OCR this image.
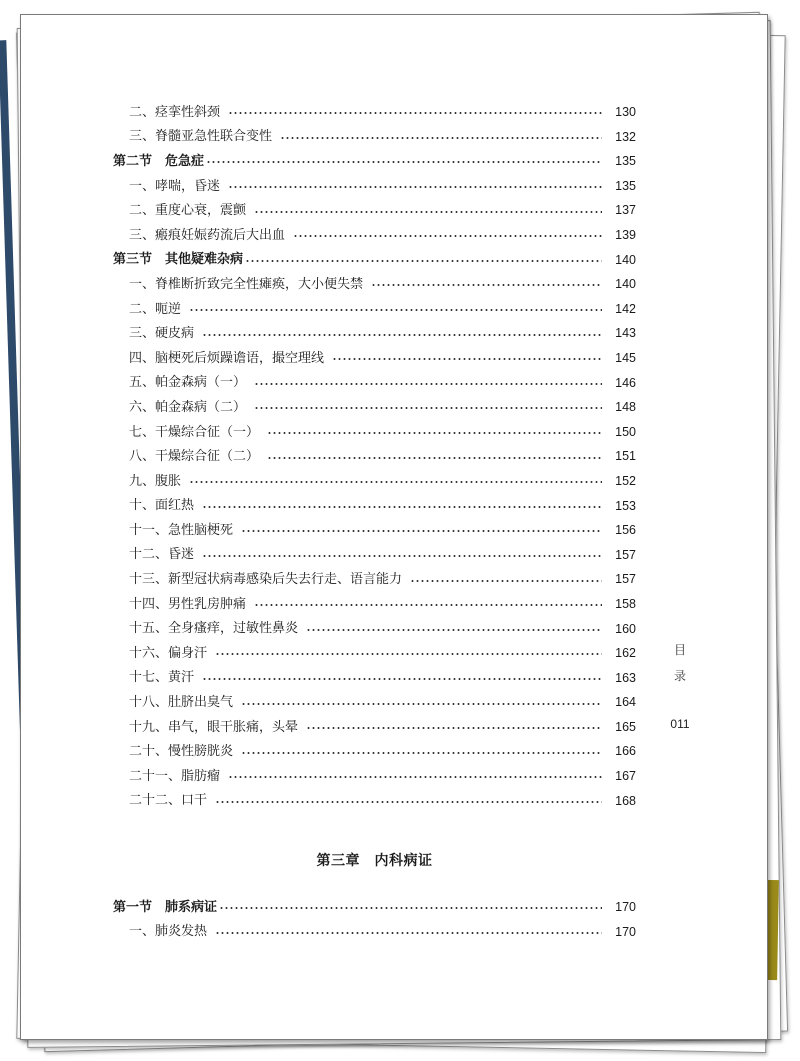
二、痉挛性斜颈	130
三、脊髓亚急性联合变性	132
第二节　危急症	135
一、哮喘，昏迷	135
二、重度心衰，震颤	137
三、瘢痕妊娠药流后大出血	139
第三节　其他疑难杂病	140
一、脊椎断折致完全性瘫痪，大小便失禁	140
二、呃逆	142
三、硬皮病	143
四、脑梗死后烦躁谵语，撮空理线	145
五、帕金森病（一）	146
六、帕金森病（二）	148
七、干燥综合征（一）	150
八、干燥综合征（二）	151
九、腹胀	152
十、面红热	153
十一、急性脑梗死	156
十二、昏迷	157
十三、新型冠状病毒感染后失去行走、语言能力	157
十四、男性乳房肿痛	158
十五、全身瘙痒，过敏性鼻炎	160
十六、偏身汗	162
十七、黄汗	163
十八、肚脐出臭气	164
十九、串气，眼干胀痛，头晕	165
二十、慢性膀胱炎	166
二十一、脂肪瘤	167
二十二、口干	168
第三章　内科病证
第一节　肺系病证	170
一、肺炎发热	170
目
录
011
